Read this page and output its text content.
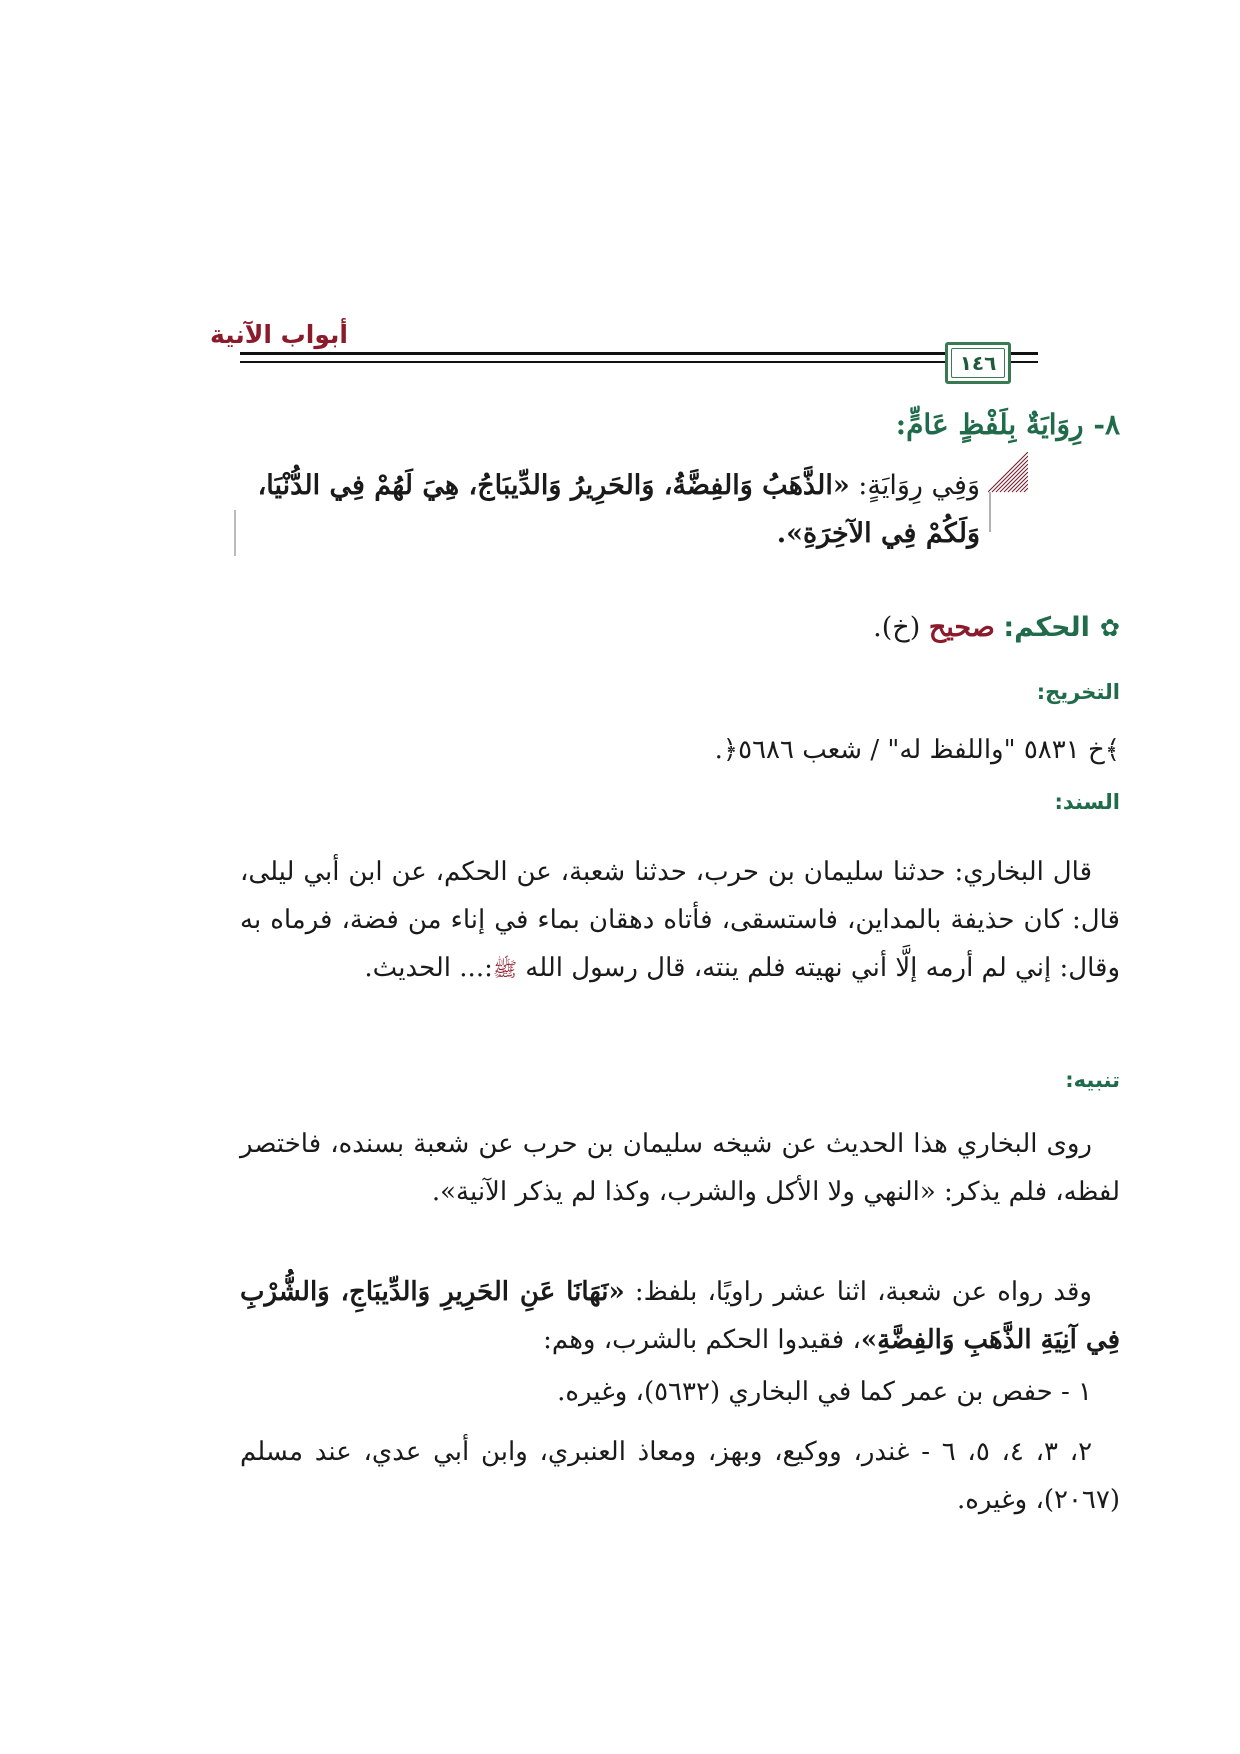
أبواب الآنية
١٤٦
٨- رِوَايَةٌ بِلَفْظٍ عَامٍّ:
وَفِي رِوَايَةٍ: «الذَّهَبُ وَالفِضَّةُ، وَالحَرِيرُ وَالدِّيبَاجُ، هِيَ لَهُمْ فِي الدُّنْيَا، وَلَكُمْ فِي الآخِرَةِ».
✿الحكم: صحيح (خ).
التخريج:
﴾خ ٥٨٣١ "واللفظ له" / شعب ٥٦٨٦﴿.
السند:

قال البخاري: حدثنا سليمان بن حرب، حدثنا شعبة، عن الحكم، عن ابن أبي ليلى، قال: كان حذيفة بالمداين، فاستسقى، فأتاه دهقان بماء في إناء من فضة، فرماه به وقال: إني لم أرمه إلَّا أني نهيته فلم ينته، قال رسول الله ﷺ:... الحديث.

تنبيه:

روى البخاري هذا الحديث عن شيخه سليمان بن حرب عن شعبة بسنده، فاختصر لفظه، فلم يذكر: «النهي ولا الأكل والشرب، وكذا لم يذكر الآنية».

وقد رواه عن شعبة، اثنا عشر راويًا، بلفظ: «نَهَانَا عَنِ الحَرِيرِ وَالدِّيبَاجِ، وَالشُّرْبِ فِي آنِيَةِ الذَّهَبِ وَالفِضَّةِ»، فقيدوا الحكم بالشرب، وهم:

١ - حفص بن عمر كما في البخاري (٥٦٣٢)، وغيره.

٢، ٣، ٤، ٥، ٦ - غندر، ووكيع، وبهز، ومعاذ العنبري، وابن أبي عدي، عند مسلم (٢٠٦٧)، وغيره.
